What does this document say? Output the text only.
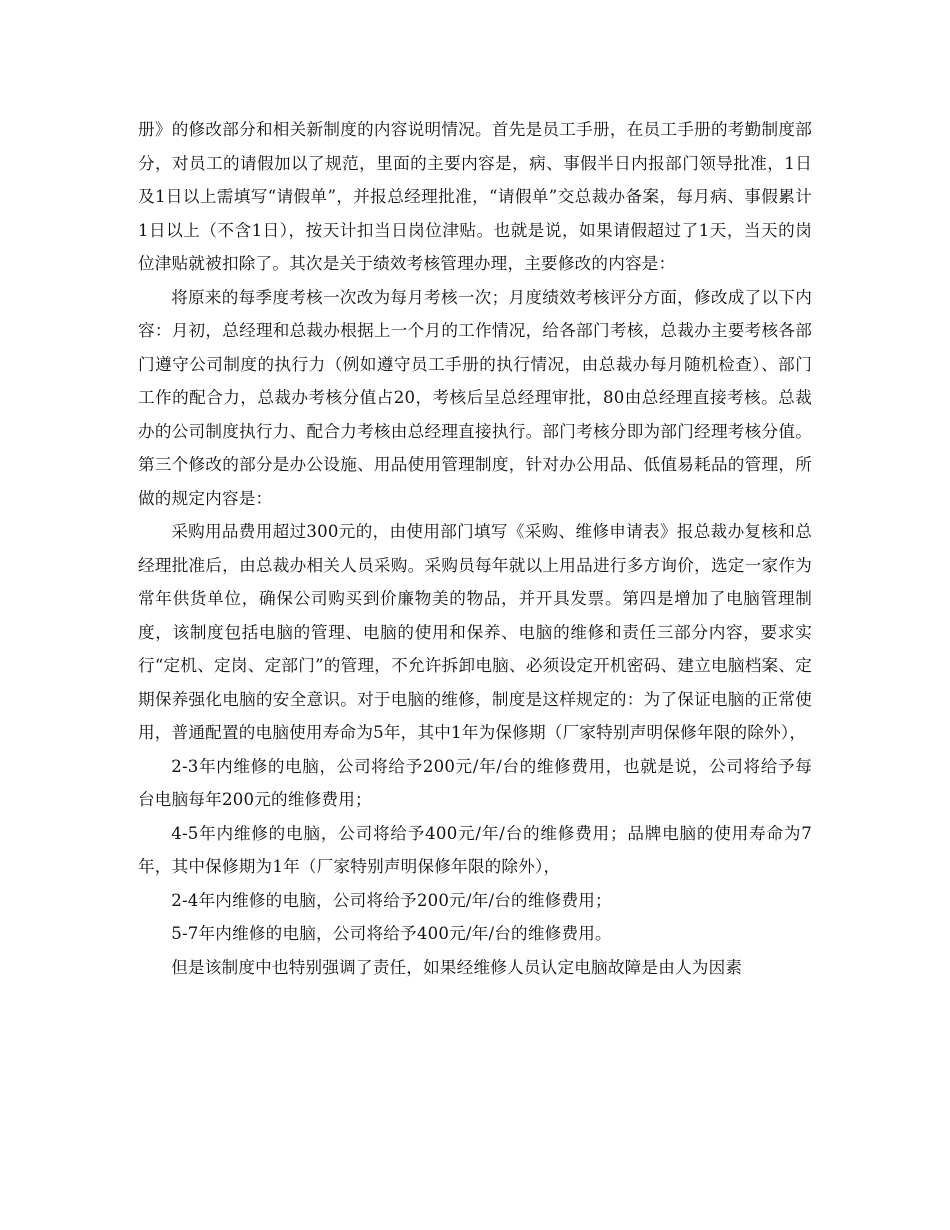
册》的修改部分和相关新制度的内容说明情况。首先是员工手册，在员工手册的考勤制度部分，对员工的请假加以了规范，里面的主要内容是，病、事假半日内报部门领导批准，1日及1日以上需填写“请假单”，并报总经理批准，“请假单”交总裁办备案，每月病、事假累计1日以上（不含1日），按天计扣当日岗位津贴。也就是说，如果请假超过了1天，当天的岗位津贴就被扣除了。其次是关于绩效考核管理办理，主要修改的内容是：

将原来的每季度考核一次改为每月考核一次；月度绩效考核评分方面，修改成了以下内容：月初，总经理和总裁办根据上一个月的工作情况，给各部门考核，总裁办主要考核各部门遵守公司制度的执行力（例如遵守员工手册的执行情况，由总裁办每月随机检查）、部门工作的配合力，总裁办考核分值占20，考核后呈总经理审批，80由总经理直接考核。总裁办的公司制度执行力、配合力考核由总经理直接执行。部门考核分即为部门经理考核分值。第三个修改的部分是办公设施、用品使用管理制度，针对办公用品、低值易耗品的管理，所做的规定内容是：

采购用品费用超过300元的，由使用部门填写《采购、维修申请表》报总裁办复核和总经理批准后，由总裁办相关人员采购。采购员每年就以上用品进行多方询价，选定一家作为常年供货单位，确保公司购买到价廉物美的物品，并开具发票。第四是增加了电脑管理制度，该制度包括电脑的管理、电脑的使用和保养、电脑的维修和责任三部分内容，要求实行“定机、定岗、定部门”的管理，不允许拆卸电脑、必须设定开机密码、建立电脑档案、定期保养强化电脑的安全意识。对于电脑的维修，制度是这样规定的：为了保证电脑的正常使用，普通配置的电脑使用寿命为5年，其中1年为保修期（厂家特别声明保修年限的除外），

2-3年内维修的电脑，公司将给予200元/年/台的维修费用，也就是说，公司将给予每台电脑每年200元的维修费用；

4-5年内维修的电脑，公司将给予400元/年/台的维修费用；品牌电脑的使用寿命为7年，其中保修期为1年（厂家特别声明保修年限的除外），

2-4年内维修的电脑，公司将给予200元/年/台的维修费用；

5-7年内维修的电脑，公司将给予400元/年/台的维修费用。

但是该制度中也特别强调了责任，如果经维修人员认定电脑故障是由人为因素
